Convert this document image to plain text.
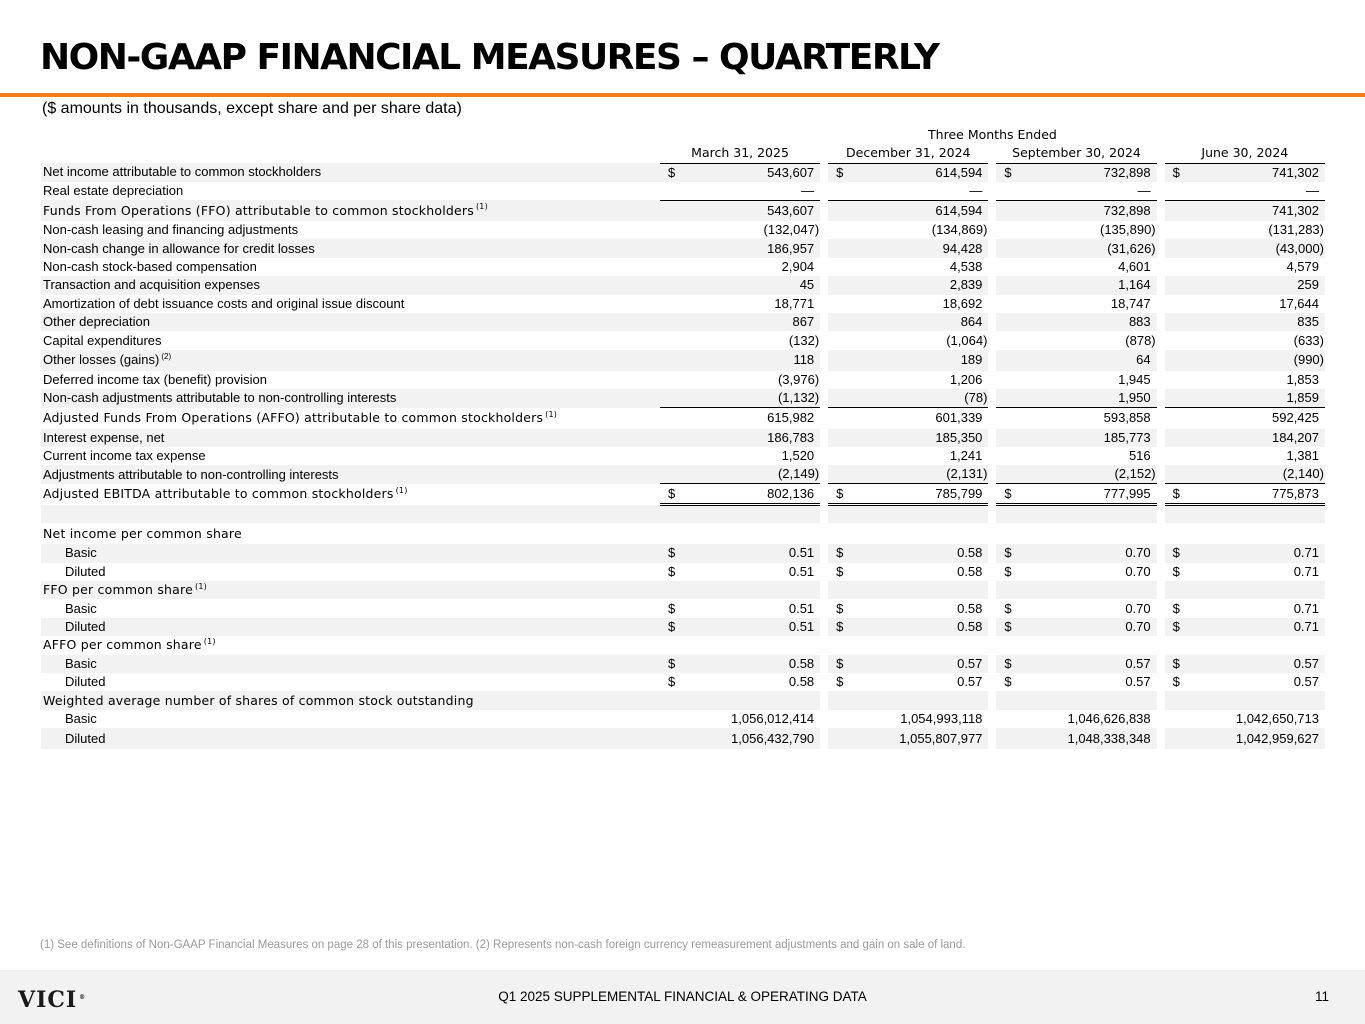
NON-GAAP FINANCIAL MEASURES – QUARTERLY
($ amounts in thousands, except share and per share data)
	Three Months Ended						
	March 31, 2025		December 31, 2024		September 30, 2024		June 30, 2024
Net income attributable to common stockholders	$ 543,607		$ 614,594		$ 732,898		$ 741,302

Real estate depreciation	—		—		—		—

Funds From Operations (FFO) attributable to common stockholders $^{(1)}$	543,607		614,594		732,898		741,302

Non-cash leasing and financing adjustments	(132,047)		(134,869)		(135,890)		(131,283)

Non-cash change in allowance for credit losses	186,957		94,428		(31,626)		(43,000)

Non-cash stock-based compensation	2,904		4,538		4,601		4,579

Transaction and acquisition expenses	45		2,839		1,164		259

Amortization of debt issuance costs and original issue discount	18,771		18,692		18,747		17,644

Other depreciation	867		864		883		835

Capital expenditures	(132)		(1,064)		(878)		(633)

Other losses (gains) $^{(2)}$	118		189		64		(990)

Deferred income tax (benefit) provision	(3,976)		1,206		1,945		1,853

Non-cash adjustments attributable to non-controlling interests	(1,132)		(78)		1,950		1,859

Adjusted Funds From Operations (AFFO) attributable to common stockholders $^{(1)}$	615,982		601,339		593,858		592,425

Interest expense, net	186,783		185,350		185,773		184,207

Current income tax expense	1,520		1,241		516		1,381

Adjustments attributable to non-controlling interests	(2,149)		(2,131)		(2,152)		(2,140)

Adjusted EBITDA attributable to common stockholders $^{(1)}$	$ 802,136		$ 785,799		$ 777,995		$ 775,873

Net income per common share							
Basic	$ 0.51		$ 0.58		$ 0.70		$ 0.71

Diluted	$ 0.51		$ 0.58		$ 0.70		$ 0.71

FFO per common share $^{(1)}$							
Basic	$ 0.51		$ 0.58		$ 0.70		$ 0.71

Diluted	$ 0.51		$ 0.58		$ 0.70		$ 0.71

AFFO per common share $^{(1)}$							
Basic	$ 0.58		$ 0.57		$ 0.57		$ 0.57

Diluted	$ 0.58		$ 0.57		$ 0.57		$ 0.57

Weighted average number of shares of common stock outstanding							
Basic	1,056,012,414		1,054,993,118		1,046,626,838		1,042,650,713

Diluted	1,056,432,790		1,055,807,977		1,048,338,348		1,042,959,627
(1) See definitions of Non-GAAP Financial Measures on page 28 of this presentation. (2) Represents non-cash foreign currency remeasurement adjustments and gain on sale of land.
VICI ®	Q1 2025 SUPPLEMENTAL FINANCIAL & OPERATING DATA	11
